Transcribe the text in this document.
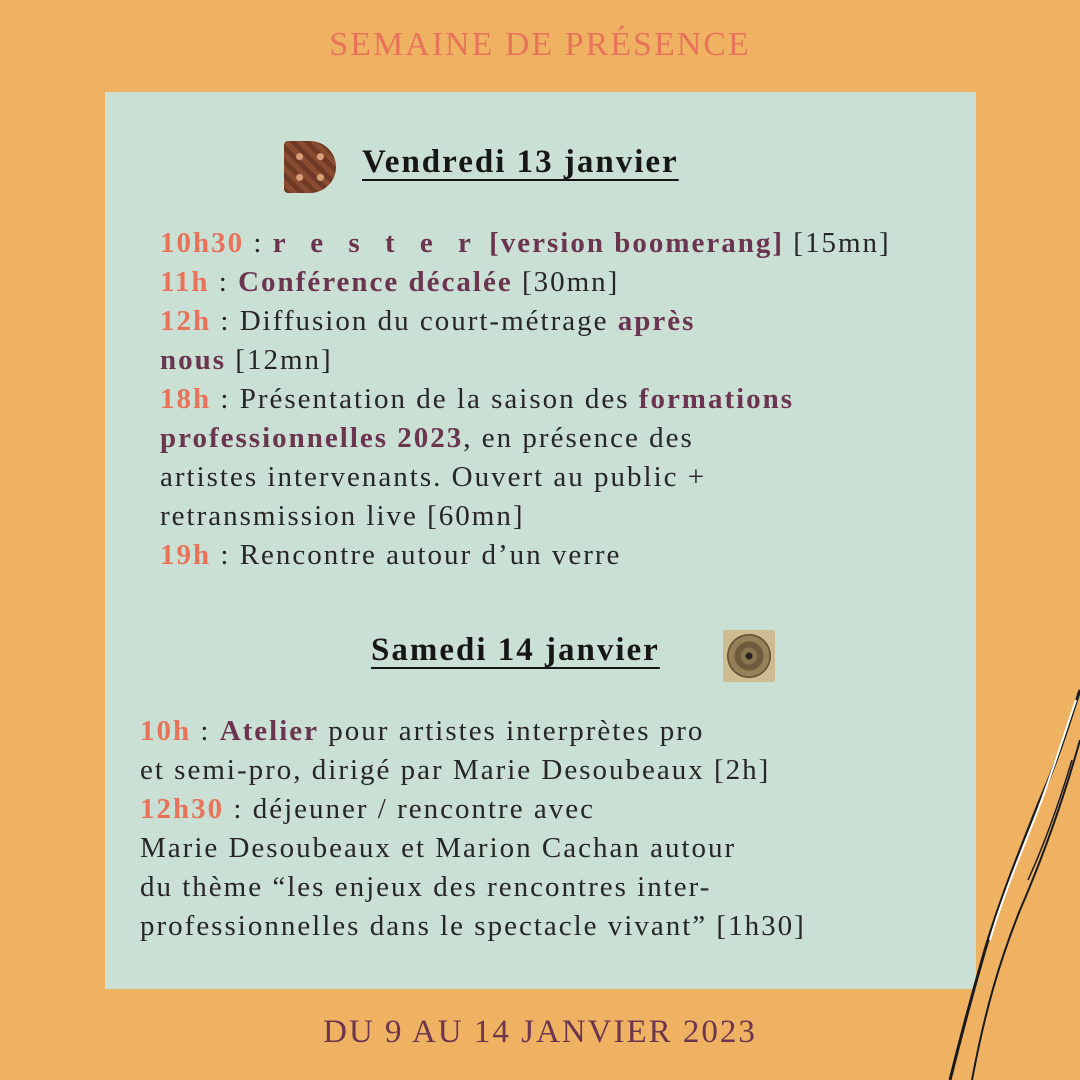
SEMAINE DE PRÉSENCE
Vendredi 13 janvier
10h30 : r e s t e r [version boomerang] [15mn]
11h : Conférence décalée [30mn]
12h : Diffusion du court-métrage après
nous [12mn]
18h : Présentation de la saison des formations
professionnelles 2023, en présence des
artistes intervenants. Ouvert au public +
retransmission live [60mn]
19h : Rencontre autour d’un verre
Samedi 14 janvier
10h : Atelier pour artistes interprètes pro
et semi-pro, dirigé par Marie Desoubeaux [2h]
12h30 : déjeuner / rencontre avec
Marie Desoubeaux et Marion Cachan autour
du thème “les enjeux des rencontres inter-
professionnelles dans le spectacle vivant” [1h30]
DU 9 AU 14 JANVIER 2023
